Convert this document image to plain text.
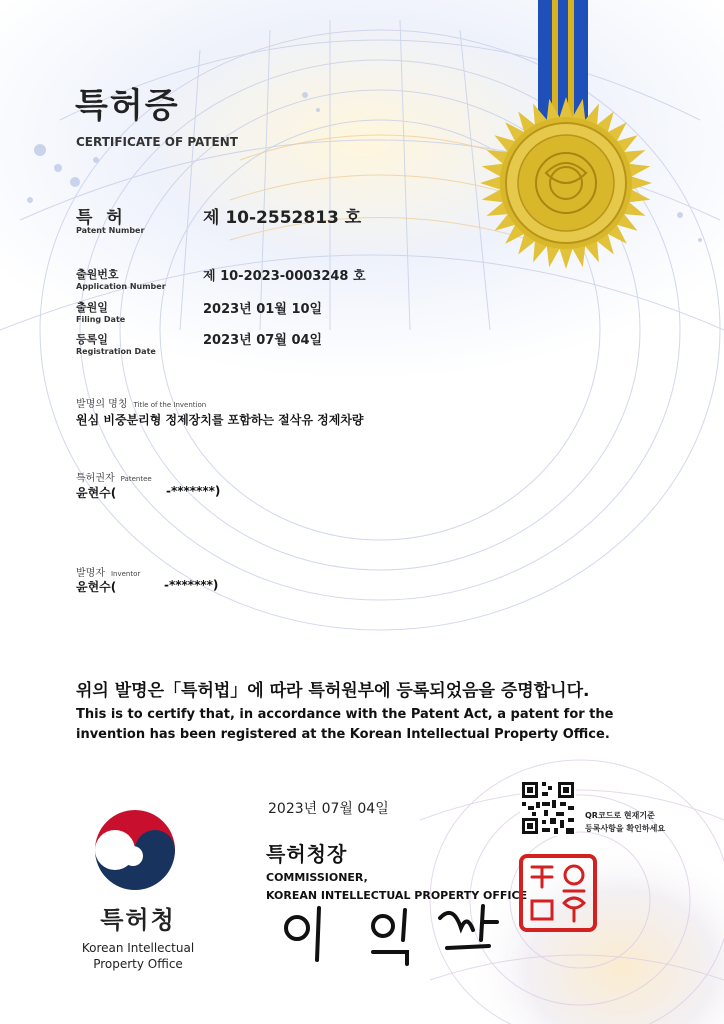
특허증
CERTIFICATE OF PATENT
특 허
Patent Number
제 10-2552813 호
출원번호
Application Number
제 10-2023-0003248 호
출원일
Filing Date
2023년 01월 10일
등록일
Registration Date
2023년 07월 04일
발명의 명칭 Title of the Invention
원심 비중분리형 정제장치를 포함하는 절삭유 정제차량
특허권자 Patentee
윤현수(	-*******)
발명자 Inventor
윤현수(	-*******)
위의 발명은「특허법」에 따라 특허원부에 등록되었음을 증명합니다.
This is to certify that, in accordance with the Patent Act, a patent for the invention has been registered at the Korean Intellectual Property Office.
2023년 07월 04일	QR코드로 현재기준
등록사항을 확인하세요
특허청장
COMMISSIONER,
KOREAN INTELLECTUAL PROPERTY OFFICE
특허청
Korean Intellectual
Property Office
